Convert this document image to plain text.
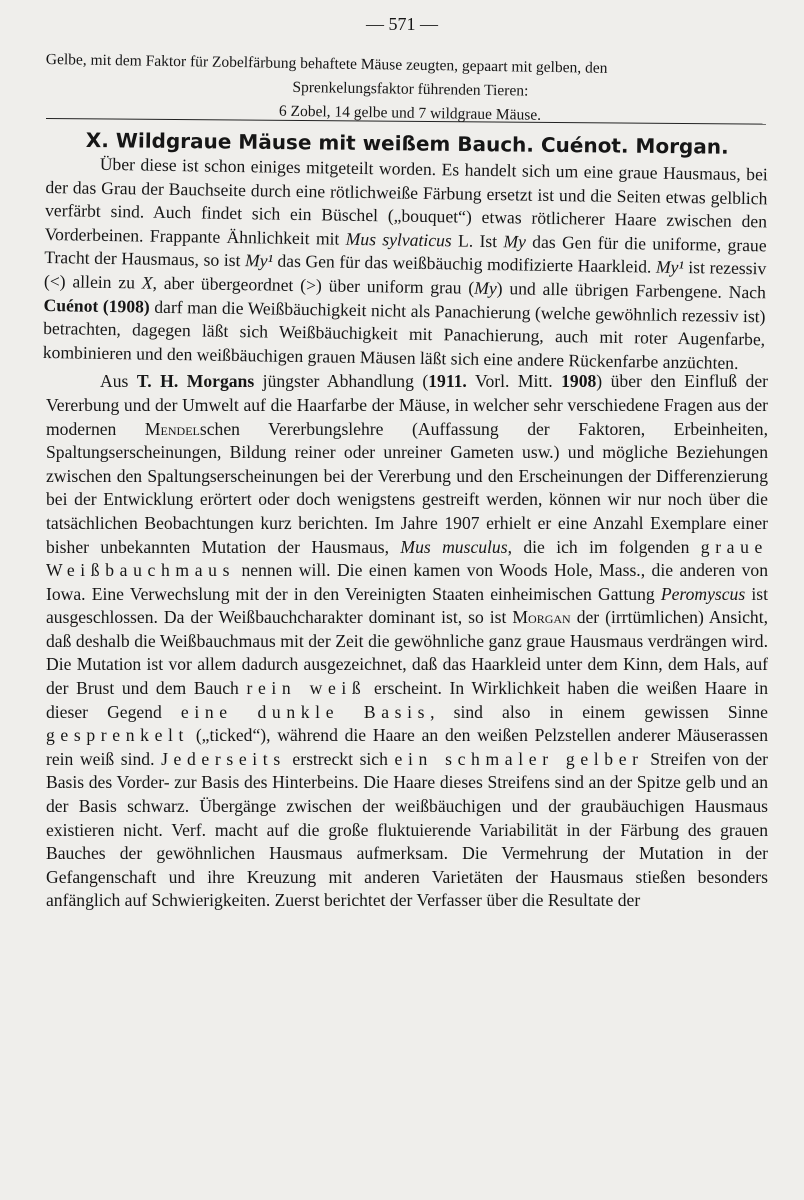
— 571 —

Gelbe, mit dem Faktor für Zobelfärbung behaftete Mäuse zeugten, gepaart mit gelben, den

Sprenkelungsfaktor führenden Tieren:

6 Zobel, 14 gelbe und 7 wildgraue Mäuse.

X. Wildgraue Mäuse mit weißem Bauch. Cuénot. Morgan.

Über diese ist schon einiges mitgeteilt worden. Es handelt sich um eine graue Hausmaus, bei der das Grau der Bauchseite durch eine rötlichweiße Färbung ersetzt ist und die Seiten etwas gelblich verfärbt sind. Auch findet sich ein Büschel („bouquet“) etwas rötlicherer Haare zwischen den Vorderbeinen. Frappante Ähnlichkeit mit Mus sylvaticus L. Ist My das Gen für die uniforme, graue Tracht der Hausmaus, so ist My¹ das Gen für das weißbäuchig modifizierte Haarkleid. My¹ ist rezessiv (<) allein zu X, aber übergeordnet (>) über uniform grau (My) und alle übrigen Farbengene. Nach Cuénot (1908) darf man die Weißbäuchigkeit nicht als Panachierung (welche gewöhnlich rezessiv ist) betrachten, dagegen läßt sich Weißbäuchigkeit mit Panachierung, auch mit roter Augenfarbe, kombinieren und den weißbäuchigen grauen Mäusen läßt sich eine andere Rückenfarbe anzüchten.

Aus T. H. Morgans jüngster Abhandlung (1911. Vorl. Mitt. 1908) über den Einfluß der Vererbung und der Umwelt auf die Haarfarbe der Mäuse, in welcher sehr verschiedene Fragen aus der modernen Mendelschen Vererbungslehre (Auffassung der Faktoren, Erbeinheiten, Spaltungserscheinungen, Bildung reiner oder unreiner Gameten usw.) und mögliche Beziehungen zwischen den Spaltungserscheinungen bei der Vererbung und den Erscheinungen der Differenzierung bei der Entwicklung erörtert oder doch wenigstens gestreift werden, können wir nur noch über die tatsächlichen Beobachtungen kurz berichten. Im Jahre 1907 erhielt er eine Anzahl Exemplare einer bisher unbekannten Mutation der Hausmaus, Mus musculus, die ich im folgenden graue Weißbauchmaus nennen will. Die einen kamen von Woods Hole, Mass., die anderen von Iowa. Eine Verwechslung mit der in den Vereinigten Staaten einheimischen Gattung Peromyscus ist ausgeschlossen. Da der Weißbauchcharakter dominant ist, so ist Morgan der (irrtümlichen) Ansicht, daß deshalb die Weißbauchmaus mit der Zeit die gewöhnliche ganz graue Hausmaus verdrängen wird. Die Mutation ist vor allem dadurch ausgezeichnet, daß das Haarkleid unter dem Kinn, dem Hals, auf der Brust und dem Bauch rein weiß erscheint. In Wirklichkeit haben die weißen Haare in dieser Gegend eine dunkle Basis, sind also in einem gewissen Sinne gesprenkelt („ticked“), während die Haare an den weißen Pelzstellen anderer Mäuserassen rein weiß sind. Jederseits erstreckt sich ein schmaler gelber Streifen von der Basis des Vorder- zur Basis des Hinterbeins. Die Haare dieses Streifens sind an der Spitze gelb und an der Basis schwarz. Übergänge zwischen der weißbäuchigen und der graubäuchigen Hausmaus existieren nicht. Verf. macht auf die große fluktuierende Variabilität in der Färbung des grauen Bauches der gewöhnlichen Hausmaus aufmerksam. Die Vermehrung der Mutation in der Gefangenschaft und ihre Kreuzung mit anderen Varietäten der Hausmaus stießen besonders anfänglich auf Schwierigkeiten. Zuerst berichtet der Verfasser über die Resultate der
